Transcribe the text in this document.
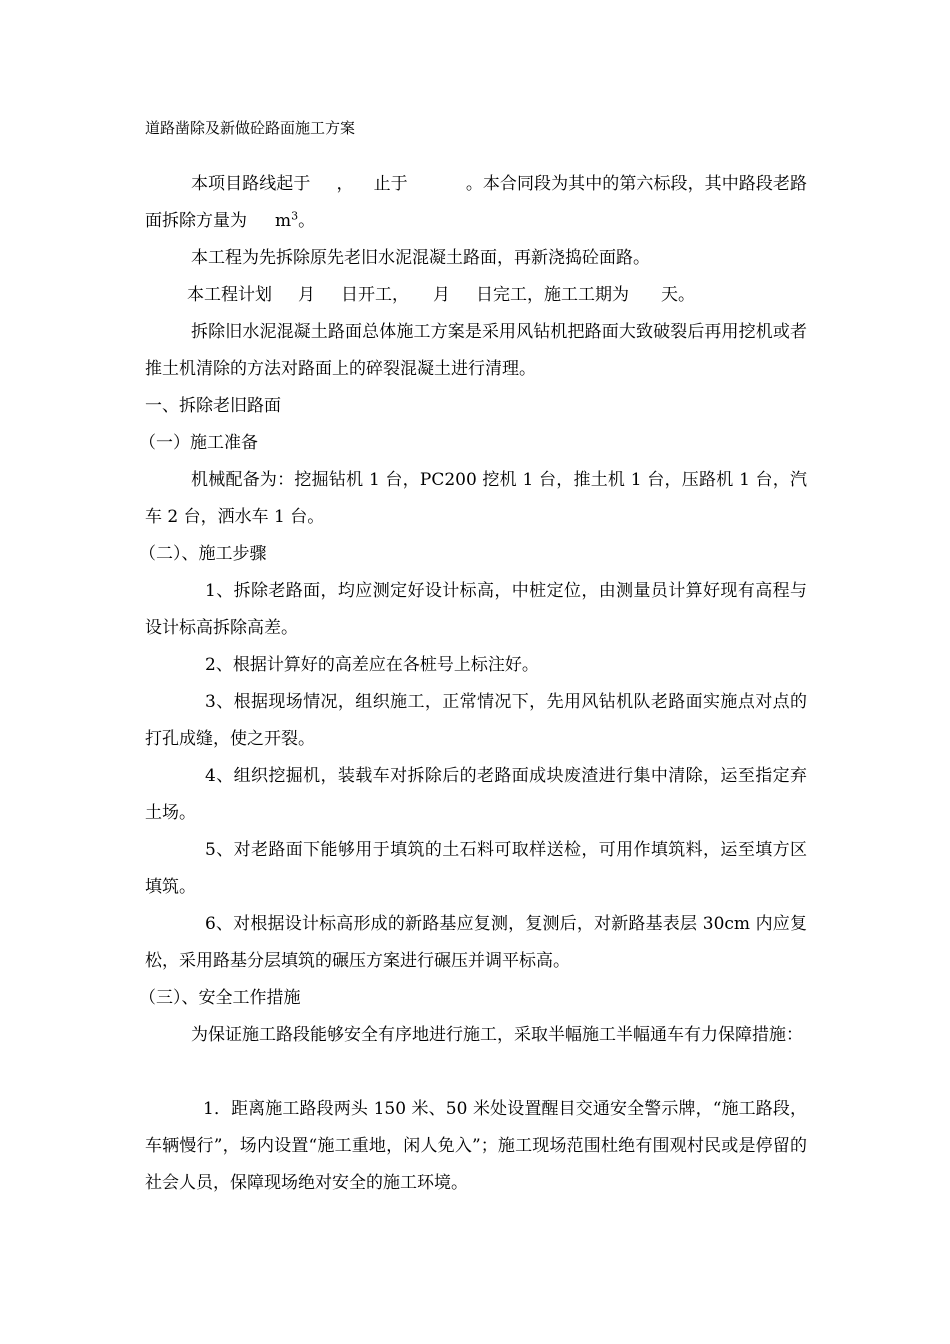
道路凿除及新做砼路面施工方案

本项目路线起于 ， 止于	。本合同段为其中的第六标段，其中路段老路面拆除方量为 $m^3$。

本工程为先拆除原先老旧水泥混凝土路面，再新浇捣砼面路。

本工程计划 月 日开工， 月 日完工，施工工期为 天。

拆除旧水泥混凝土路面总体施工方案是采用风钻机把路面大致破裂后再用挖机或者推土机清除的方法对路面上的碎裂混凝土进行清理。

一、拆除老旧路面

（一）施工准备

机械配备为：挖掘钻机 1 台，PC200 挖机 1 台，推土机 1 台，压路机 1 台，汽车 2 台，洒水车 1 台。

（二）、施工步骤

1、拆除老路面，均应测定好设计标高，中桩定位，由测量员计算好现有高程与设计标高拆除高差。

2、根据计算好的高差应在各桩号上标注好。

3、根据现场情况，组织施工，正常情况下，先用风钻机队老路面实施点对点的打孔成缝，使之开裂。

4、组织挖掘机，装载车对拆除后的老路面成块废渣进行集中清除，运至指定弃土场。

5、对老路面下能够用于填筑的土石料可取样送检，可用作填筑料，运至填方区填筑。

6、对根据设计标高形成的新路基应复测，复测后，对新路基表层 30cm 内应复松，采用路基分层填筑的碾压方案进行碾压并调平标高。

（三）、安全工作措施

为保证施工路段能够安全有序地进行施工，采取半幅施工半幅通车有力保障措施：

1．距离施工路段两头 150 米、50 米处设置醒目交通安全警示牌，“施工路段，车辆慢行”，场内设置“施工重地，闲人免入”；施工现场范围杜绝有围观村民或是停留的社会人员，保障现场绝对安全的施工环境。
